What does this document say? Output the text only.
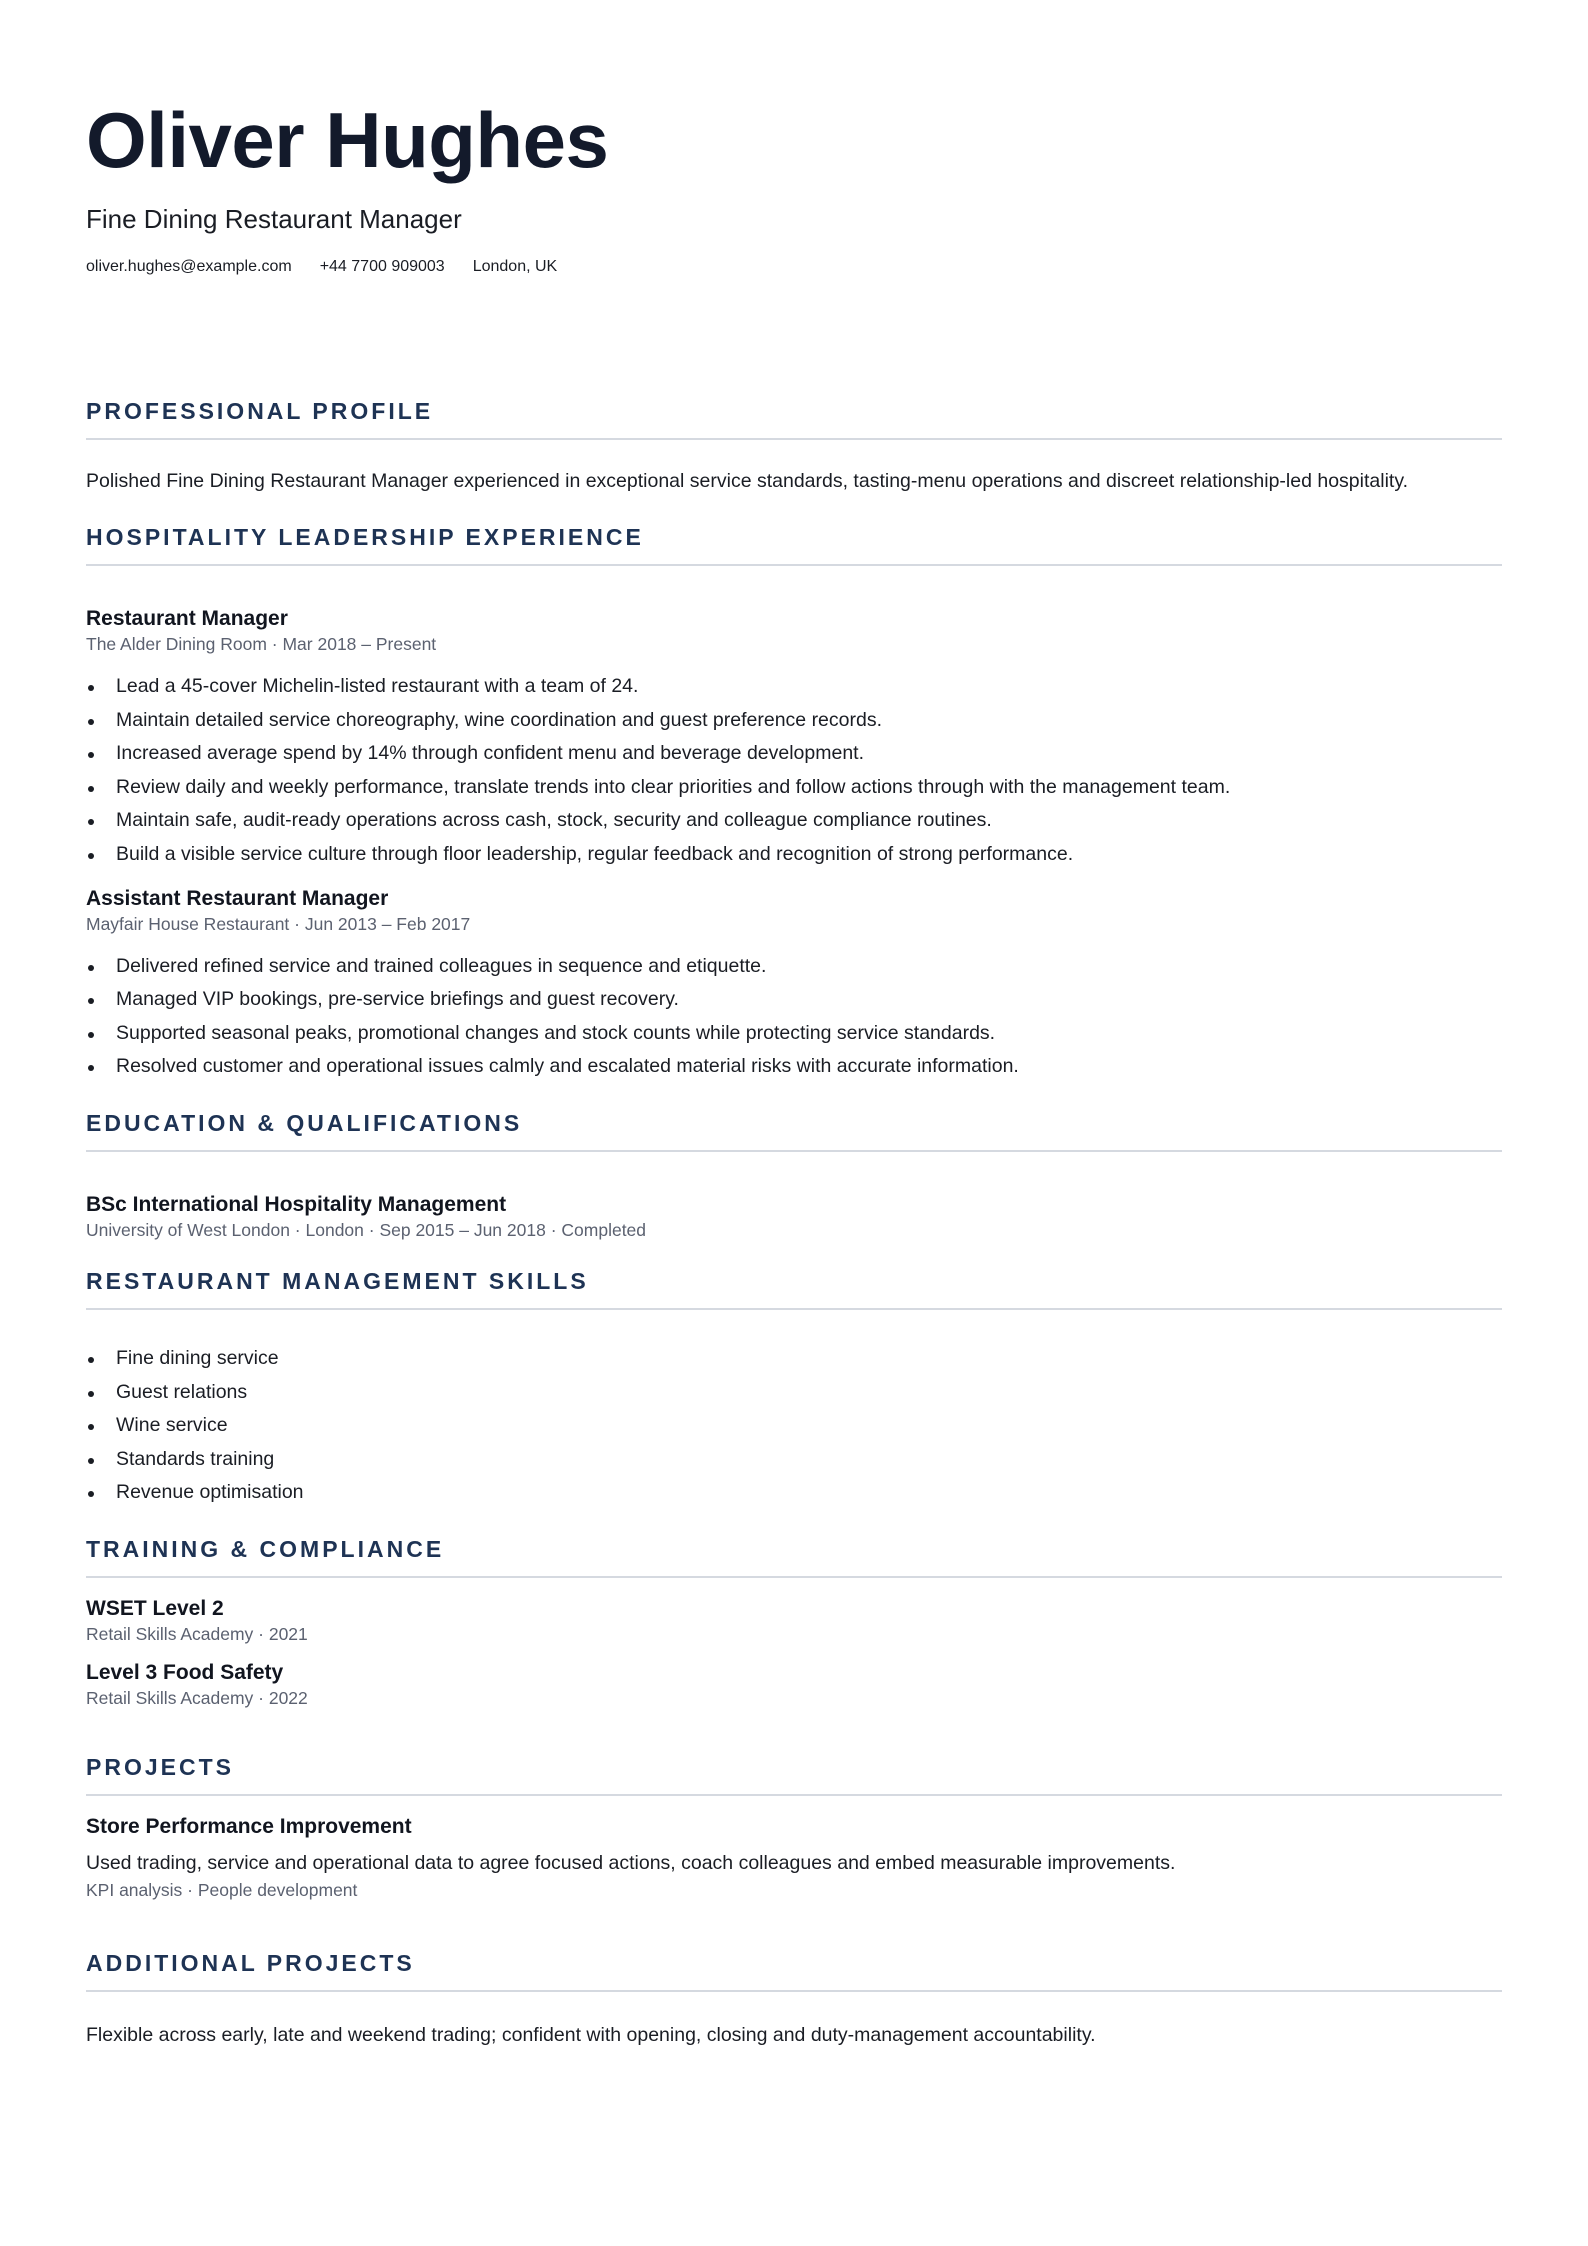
Oliver Hughes
Fine Dining Restaurant Manager
oliver.hughes@example.com +44 7700 909003 London, UK
PROFESSIONAL PROFILE
Polished Fine Dining Restaurant Manager experienced in exceptional service standards, tasting-menu operations and discreet relationship-led hospitality.
HOSPITALITY LEADERSHIP EXPERIENCE
Restaurant Manager
The Alder Dining Room · Mar 2018 – Present
Lead a 45-cover Michelin-listed restaurant with a team of 24.
Maintain detailed service choreography, wine coordination and guest preference records.
Increased average spend by 14% through confident menu and beverage development.
Review daily and weekly performance, translate trends into clear priorities and follow actions through with the management team.
Maintain safe, audit-ready operations across cash, stock, security and colleague compliance routines.
Build a visible service culture through floor leadership, regular feedback and recognition of strong performance.
Assistant Restaurant Manager
Mayfair House Restaurant · Jun 2013 – Feb 2017
Delivered refined service and trained colleagues in sequence and etiquette.
Managed VIP bookings, pre-service briefings and guest recovery.
Supported seasonal peaks, promotional changes and stock counts while protecting service standards.
Resolved customer and operational issues calmly and escalated material risks with accurate information.
EDUCATION & QUALIFICATIONS
BSc International Hospitality Management
University of West London · London · Sep 2015 – Jun 2018 · Completed
RESTAURANT MANAGEMENT SKILLS
Fine dining service
Guest relations
Wine service
Standards training
Revenue optimisation
TRAINING & COMPLIANCE
WSET Level 2
Retail Skills Academy · 2021
Level 3 Food Safety
Retail Skills Academy · 2022
PROJECTS
Store Performance Improvement
Used trading, service and operational data to agree focused actions, coach colleagues and embed measurable improvements.
KPI analysis · People development
ADDITIONAL PROJECTS
Flexible across early, late and weekend trading; confident with opening, closing and duty-management accountability.
